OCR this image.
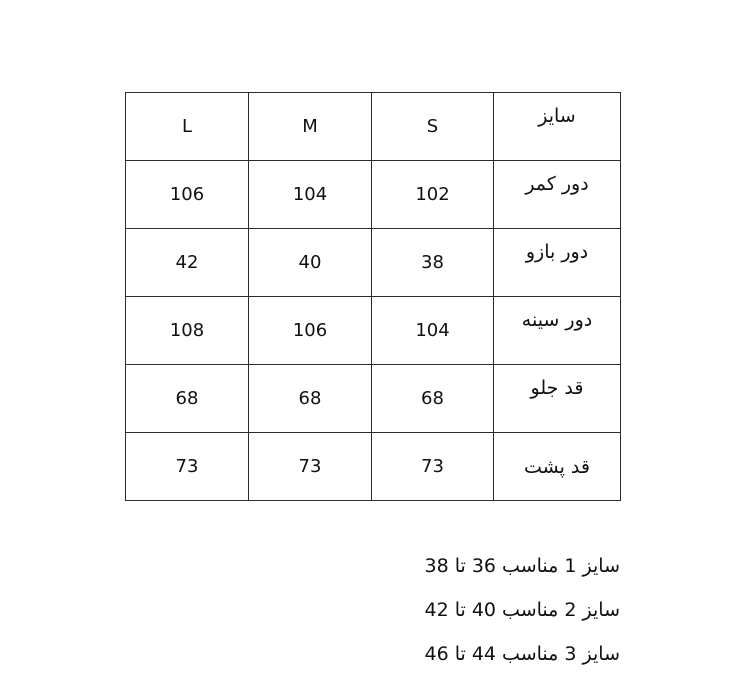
L	M	S	سایز
106	104	102	دور کمر
42	40	38	دور بازو
108	106	104	دور سینه
68	68	68	قد جلو
73	73	73	قد پشت
سایز 1 مناسب 36 تا 38
سایز 2 مناسب 40 تا 42
سایز 3 مناسب 44 تا 46
